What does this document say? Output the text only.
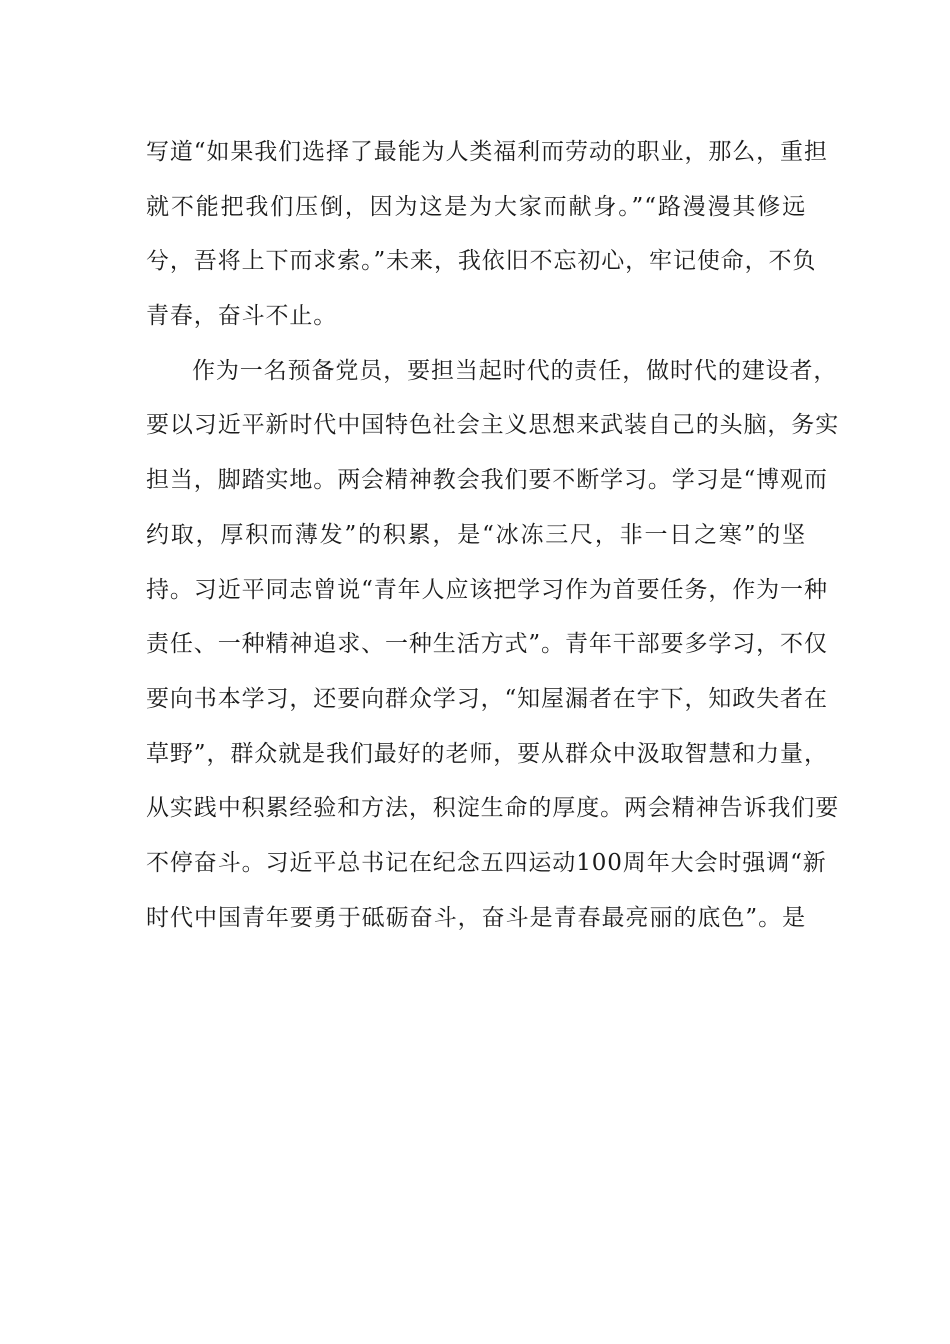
写道“如果我们选择了最能为人类福利而劳动的职业，那么，重担
就不能把我们压倒，因为这是为大家而献身。”“路漫漫其修远
兮，吾将上下而求索。”未来，我依旧不忘初心，牢记使命，不负
青春，奋斗不止。
作为一名预备党员，要担当起时代的责任，做时代的建设者，
要以习近平新时代中国特色社会主义思想来武装自己的头脑，务实
担当，脚踏实地。两会精神教会我们要不断学习。学习是“博观而
约取，厚积而薄发”的积累，是“冰冻三尺，非一日之寒”的坚
持。习近平同志曾说“青年人应该把学习作为首要任务，作为一种
责任、一种精神追求、一种生活方式”。青年干部要多学习，不仅
要向书本学习，还要向群众学习，“知屋漏者在宇下，知政失者在
草野”，群众就是我们最好的老师，要从群众中汲取智慧和力量，
从实践中积累经验和方法，积淀生命的厚度。两会精神告诉我们要
不停奋斗。习近平总书记在纪念五四运动100周年大会时强调“新
时代中国青年要勇于砥砺奋斗，奋斗是青春最亮丽的底色”。是
